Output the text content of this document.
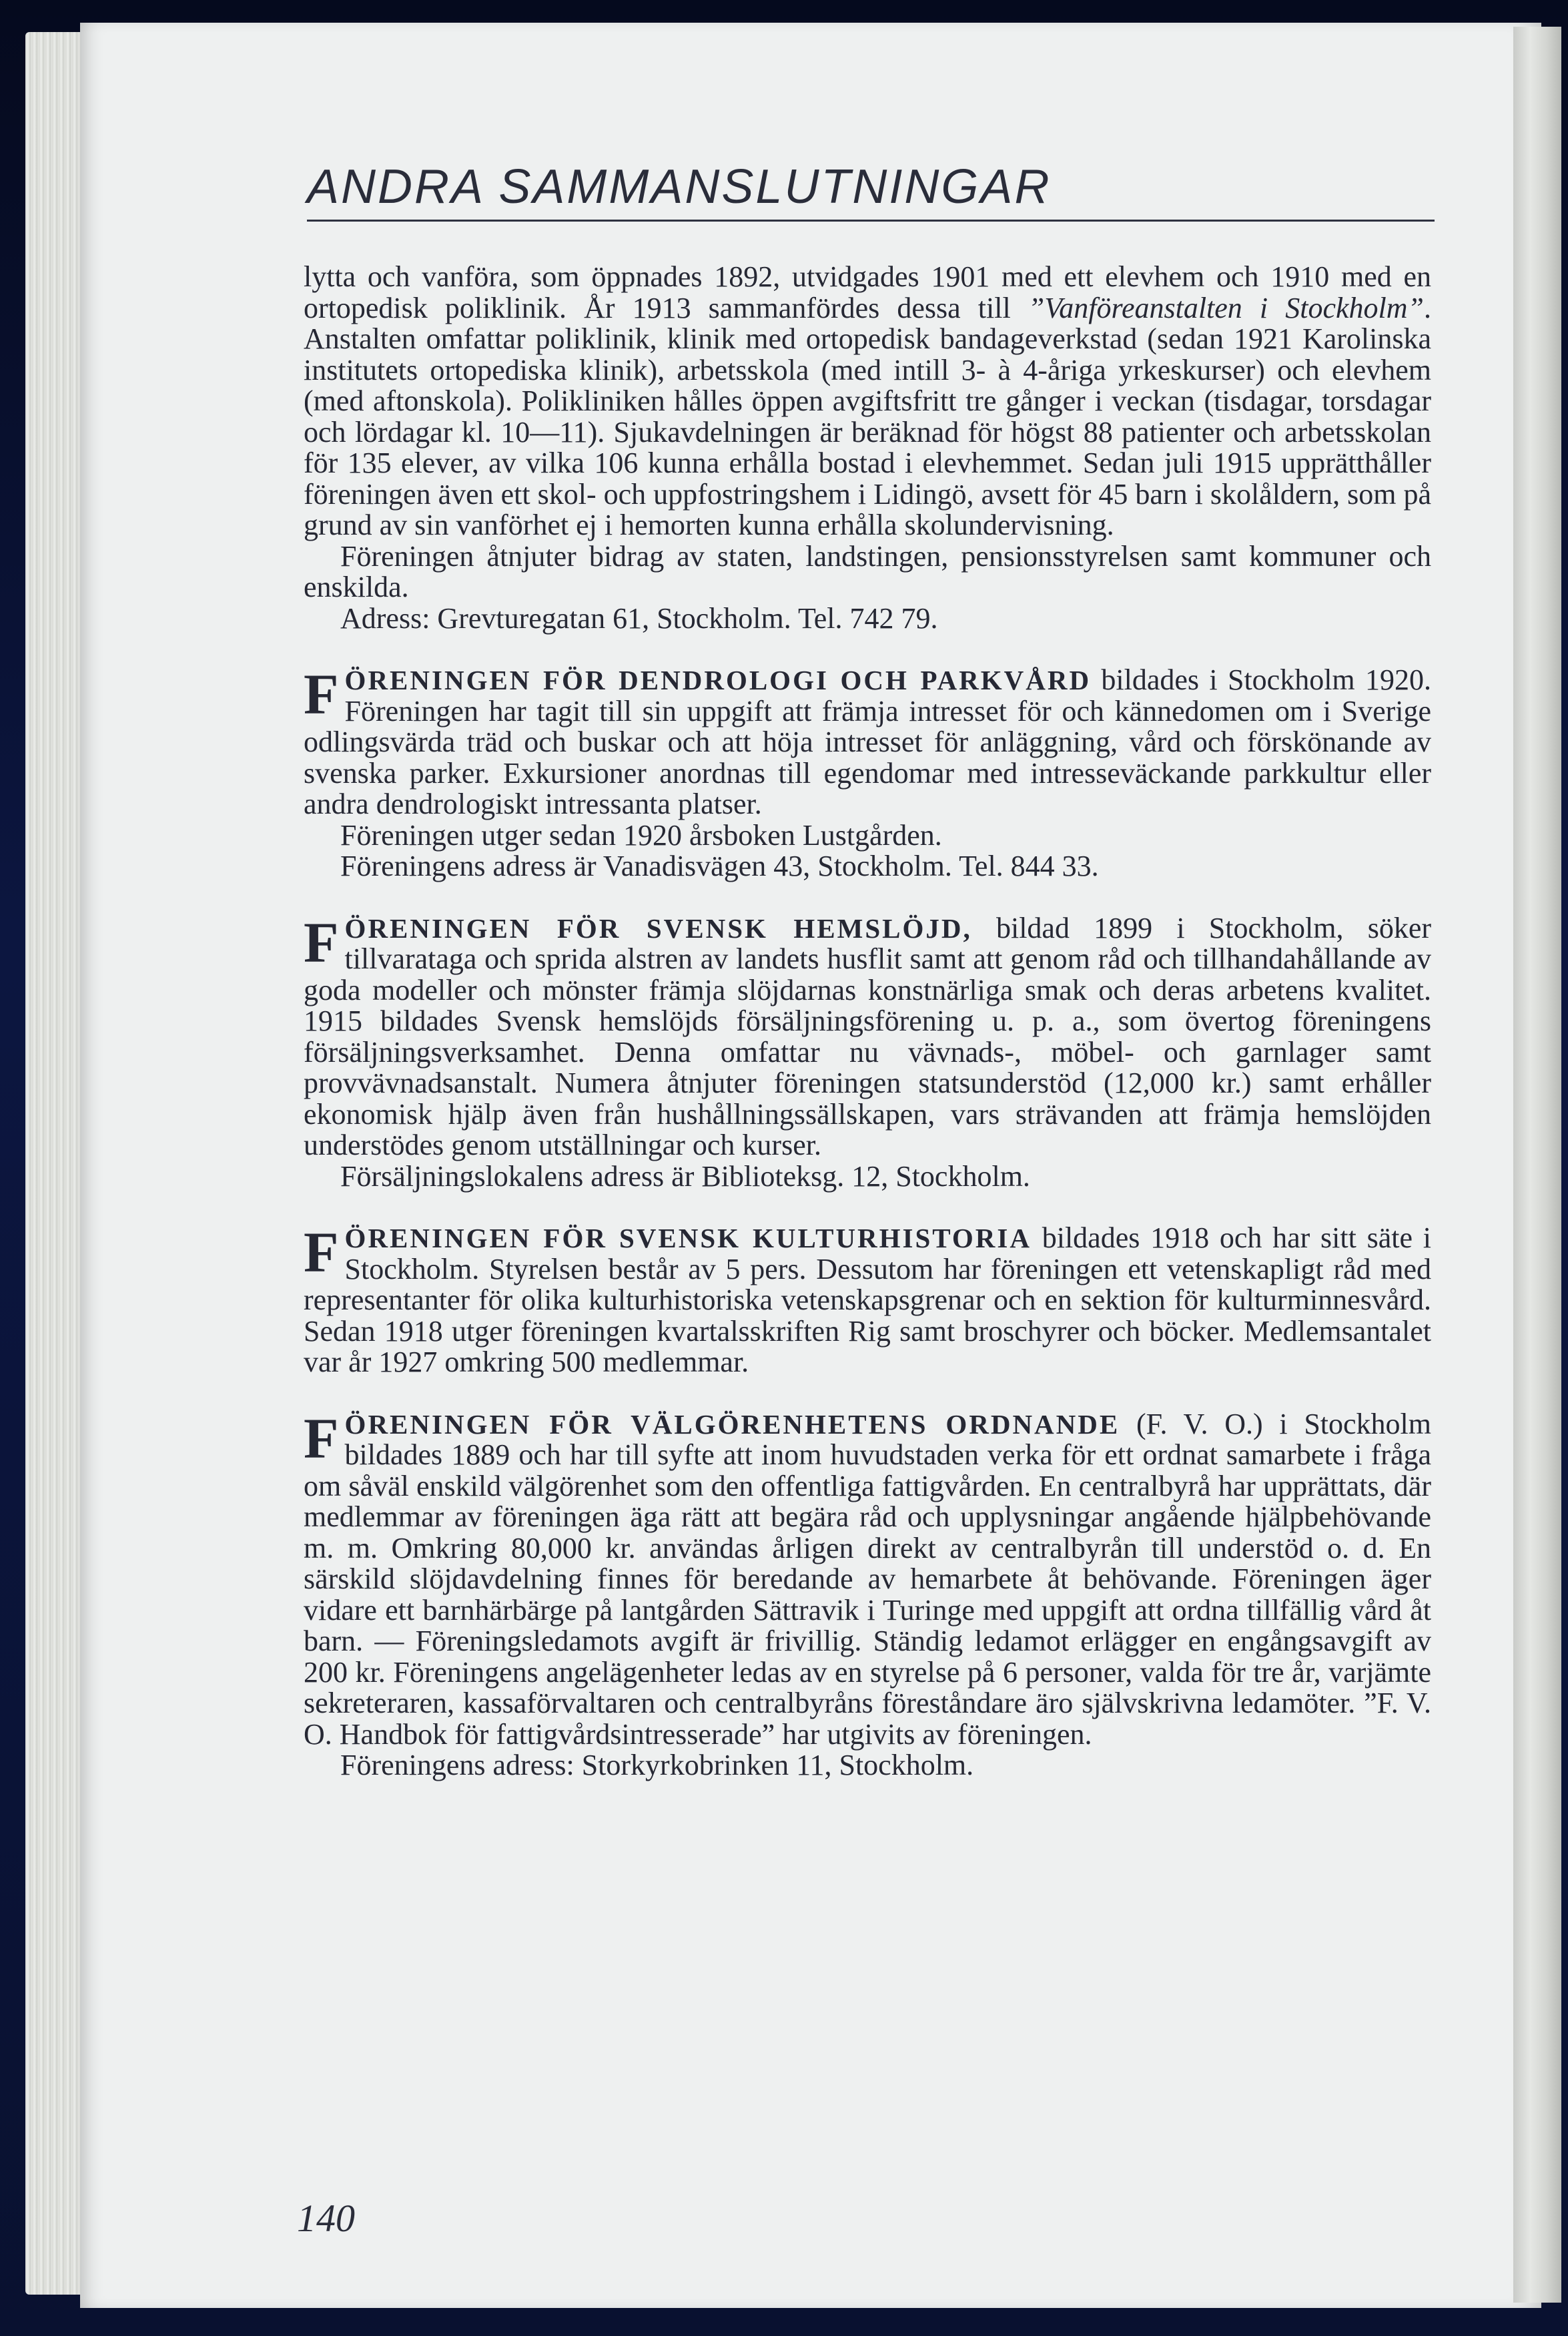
ANDRA SAMMANSLUTNINGAR

lytta och vanföra, som öppnades 1892, utvidgades 1901 med ett elevhem och 1910 med en ortopedisk poliklinik. År 1913 sammanfördes dessa till ”Vanföreanstalten i Stockholm”. Anstalten omfattar poliklinik, klinik med ortopedisk bandageverkstad (sedan 1921 Karolinska institutets ortopediska klinik), arbetsskola (med intill 3- à 4-åriga yrkeskurser) och elevhem (med aftonskola). Polikliniken hålles öppen avgiftsfritt tre gånger i veckan (tisdagar, torsdagar och lördagar kl. 10—11). Sjukavdelningen är beräknad för högst 88 patienter och arbetsskolan för 135 elever, av vilka 106 kunna erhålla bostad i elevhemmet. Sedan juli 1915 upprätthåller föreningen även ett skol- och uppfostringshem i Lidingö, avsett för 45 barn i skolåldern, som på grund av sin vanförhet ej i hemorten kunna erhålla skolundervisning.

Föreningen åtnjuter bidrag av staten, landstingen, pensionsstyrelsen samt kommuner och enskilda.

Adress: Grevturegatan 61, Stockholm. Tel. 742 79.

FÖRENINGEN FÖR DENDROLOGI OCH PARKVÅRD bildades i Stockholm 1920. Föreningen har tagit till sin uppgift att främja intresset för och kännedomen om i Sverige odlingsvärda träd och buskar och att höja intresset för anläggning, vård och förskönande av svenska parker. Exkursioner anordnas till egendomar med intresseväckande parkkultur eller andra dendrologiskt intressanta platser.

Föreningen utger sedan 1920 årsboken Lustgården.

Föreningens adress är Vanadisvägen 43, Stockholm. Tel. 844 33.

FÖRENINGEN FÖR SVENSK HEMSLÖJD, bildad 1899 i Stockholm, söker tillvarataga och sprida alstren av landets husflit samt att genom råd och tillhandahållande av goda modeller och mönster främja slöjdarnas konstnärliga smak och deras arbetens kvalitet. 1915 bildades Svensk hemslöjds försäljningsförening u. p. a., som övertog föreningens försäljningsverksamhet. Denna omfattar nu vävnads-, möbel- och garnlager samt provvävnadsanstalt. Numera åtnjuter föreningen statsunderstöd (12,000 kr.) samt erhåller ekonomisk hjälp även från hushållningssällskapen, vars strävanden att främja hemslöjden understödes genom utställningar och kurser.

Försäljningslokalens adress är Biblioteksg. 12, Stockholm.

FÖRENINGEN FÖR SVENSK KULTURHISTORIA bildades 1918 och har sitt säte i Stockholm. Styrelsen består av 5 pers. Dessutom har föreningen ett vetenskapligt råd med representanter för olika kulturhistoriska vetenskapsgrenar och en sektion för kulturminnesvård. Sedan 1918 utger föreningen kvartalsskriften Rig samt broschyrer och böcker. Medlemsantalet var år 1927 omkring 500 medlemmar.

FÖRENINGEN FÖR VÄLGÖRENHETENS ORDNANDE (F. V. O.) i Stockholm bildades 1889 och har till syfte att inom huvudstaden verka för ett ordnat samarbete i fråga om såväl enskild välgörenhet som den offentliga fattigvården. En centralbyrå har upprättats, där medlemmar av föreningen äga rätt att begära råd och upplysningar angående hjälpbehövande m. m. Omkring 80,000 kr. användas årligen direkt av centralbyrån till understöd o. d. En särskild slöjdavdelning finnes för beredande av hemarbete åt behövande. Föreningen äger vidare ett barnhärbärge på lantgården Sättravik i Turinge med uppgift att ordna tillfällig vård åt barn. — Föreningsledamots avgift är frivillig. Ständig ledamot erlägger en engångsavgift av 200 kr. Föreningens angelägenheter ledas av en styrelse på 6 personer, valda för tre år, varjämte sekreteraren, kassaförvaltaren och centralbyråns föreståndare äro självskrivna ledamöter. ”F. V. O. Handbok för fattigvårdsintresserade” har utgivits av föreningen.

Föreningens adress: Storkyrkobrinken 11, Stockholm.

140
